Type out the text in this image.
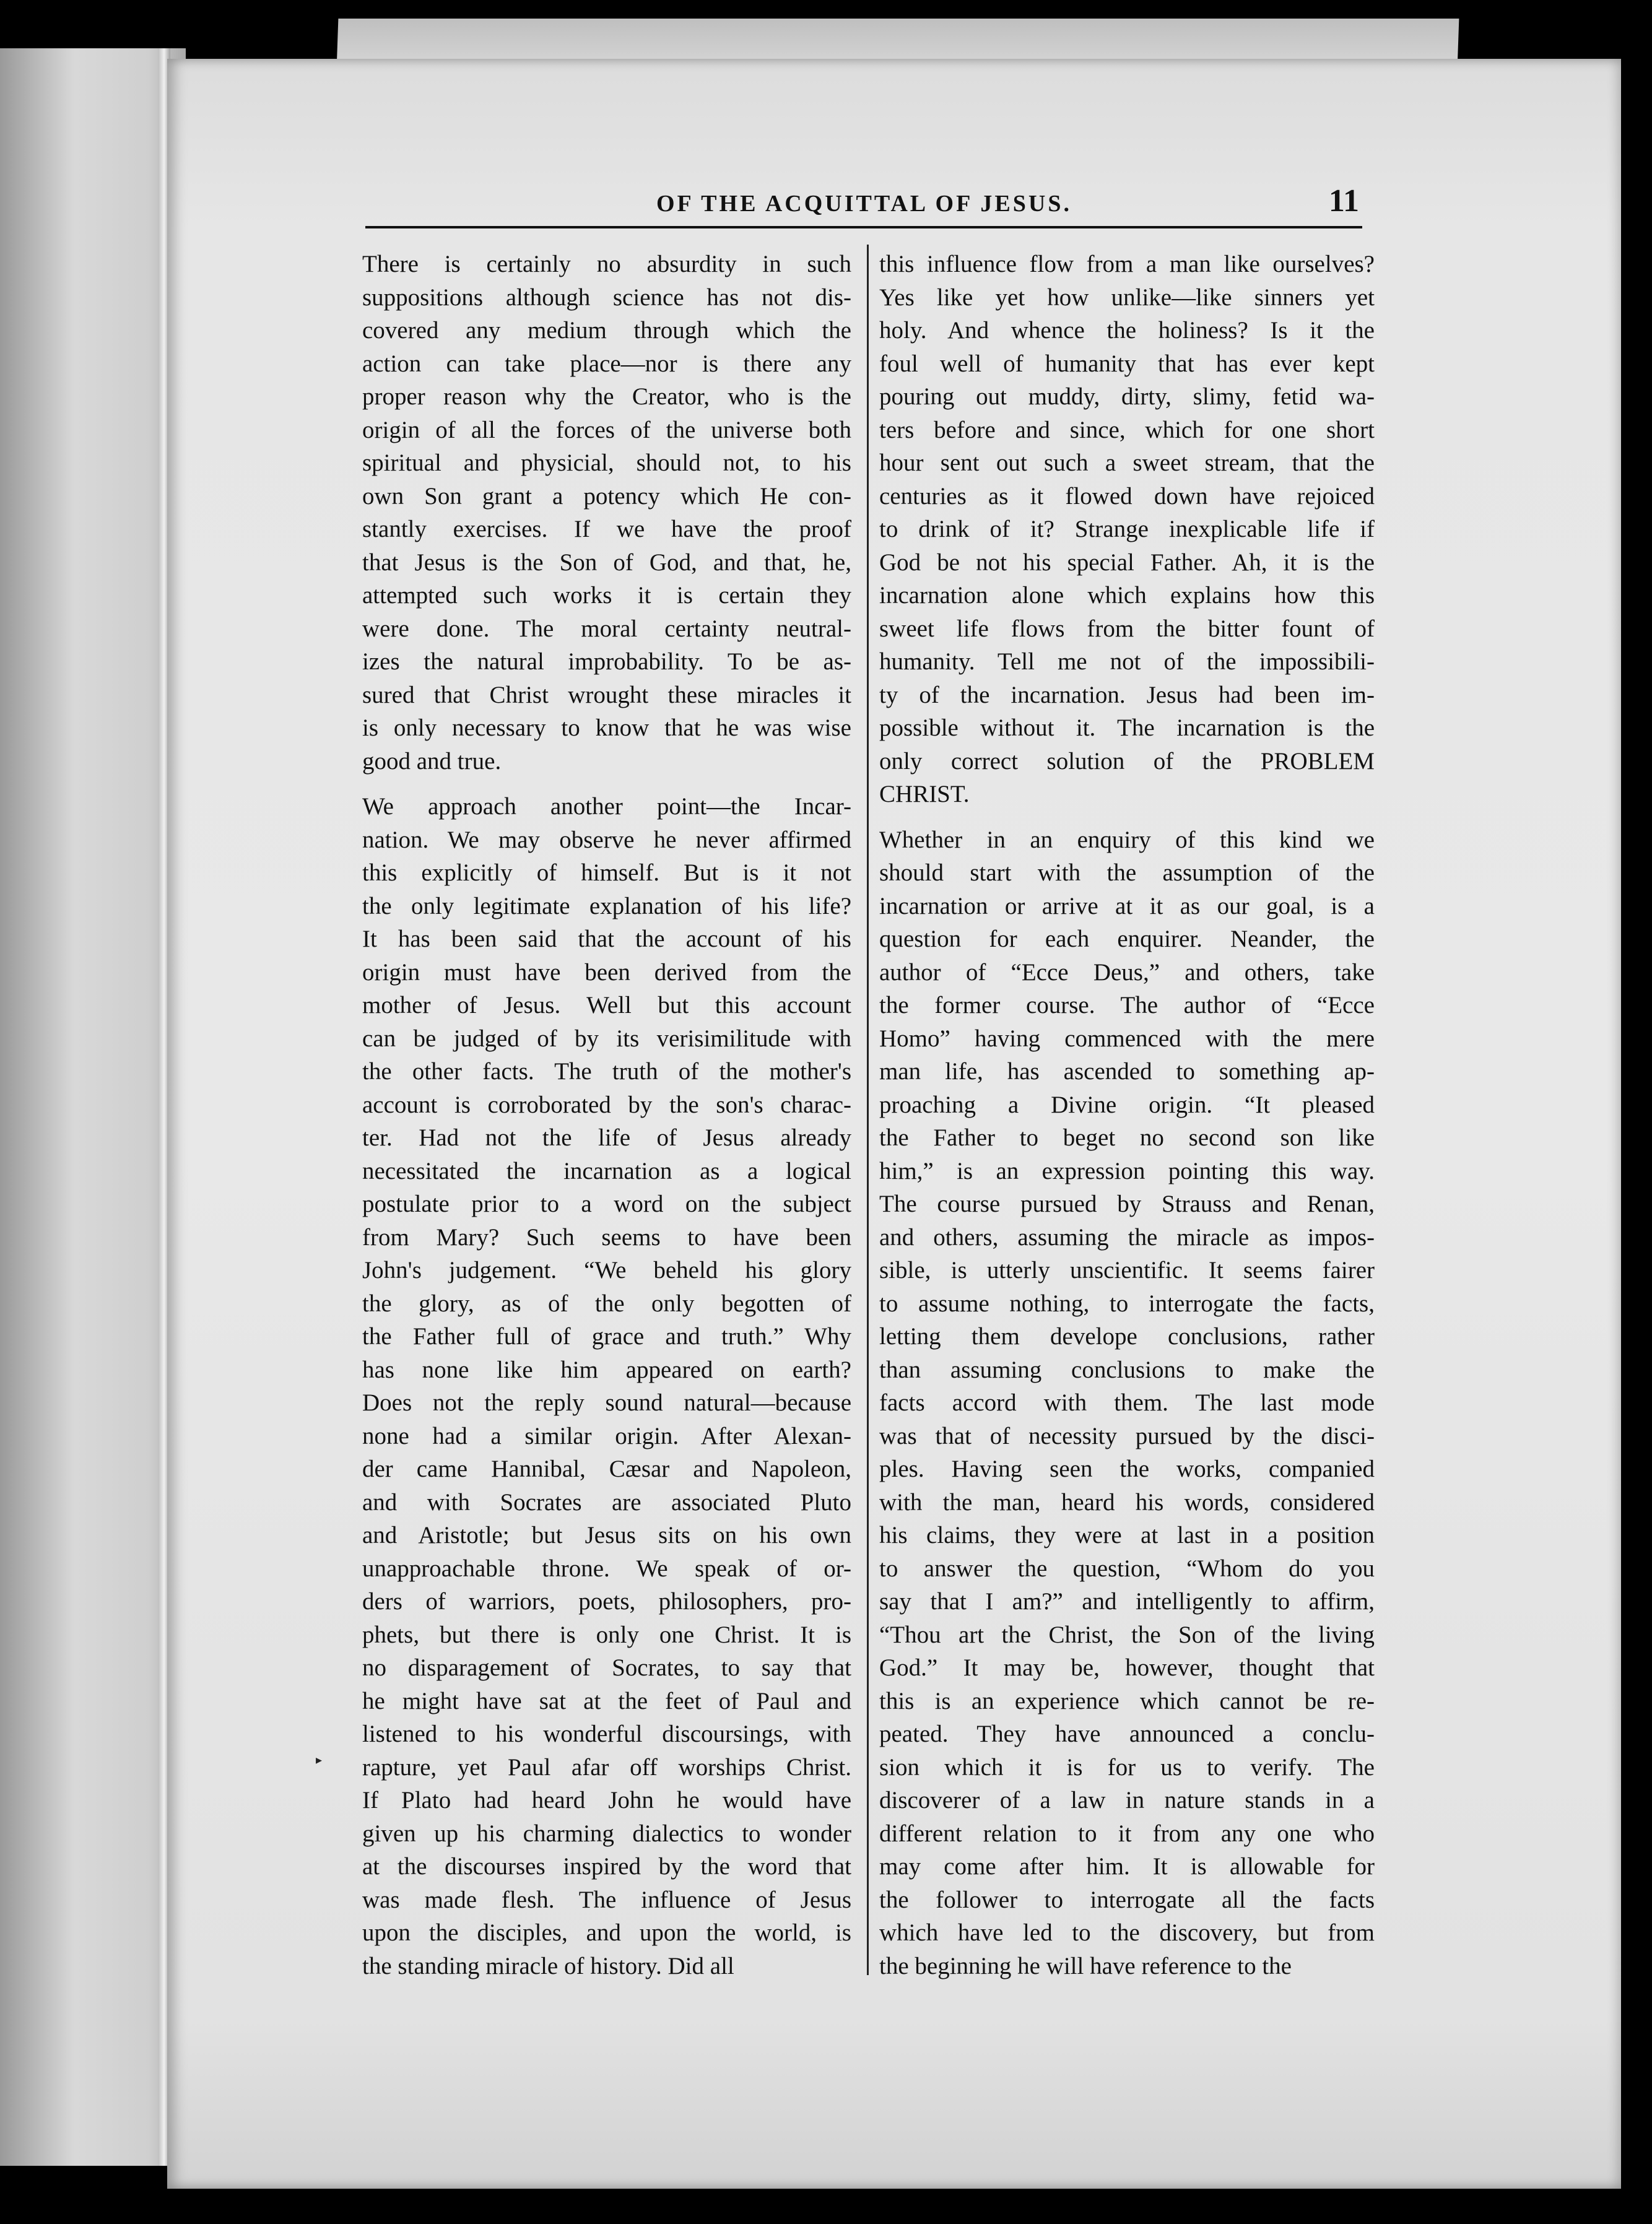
OF THE ACQUITTAL OF JESUS.	11
There is certainly no absurdity in such
suppositions although science has not dis-
covered any medium through which the
action can take place—nor is there any
proper reason why the Creator, who is the
origin of all the forces of the universe both
spiritual and physicial, should not, to his
own Son grant a potency which He con-
stantly exercises. If we have the proof
that Jesus is the Son of God, and that, he,
attempted such works it is certain they
were done. The moral certainty neutral-
izes the natural improbability. To be as-
sured that Christ wrought these miracles it
is only necessary to know that he was wise
good and true.
We approach another point—the Incar-
nation. We may observe he never affirmed
this explicitly of himself. But is it not
the only legitimate explanation of his life?
It has been said that the account of his
origin must have been derived from the
mother of Jesus. Well but this account
can be judged of by its verisimilitude with
the other facts. The truth of the mother's
account is corroborated by the son's charac-
ter. Had not the life of Jesus already
necessitated the incarnation as a logical
postulate prior to a word on the subject
from Mary? Such seems to have been
John's judgement. “We beheld his glory
the glory, as of the only begotten of
the Father full of grace and truth.” Why
has none like him appeared on earth?
Does not the reply sound natural—because
none had a similar origin. After Alexan-
der came Hannibal, Cæsar and Napoleon,
and with Socrates are associated Pluto
and Aristotle; but Jesus sits on his own
unapproachable throne. We speak of or-
ders of warriors, poets, philosophers, pro-
phets, but there is only one Christ. It is
no disparagement of Socrates, to say that
he might have sat at the feet of Paul and
listened to his wonderful discoursings, with
rapture, yet Paul afar off worships Christ.
If Plato had heard John he would have
given up his charming dialectics to wonder
at the discourses inspired by the word that
was made flesh. The influence of Jesus
upon the disciples, and upon the world, is
the standing miracle of history. Did all
this influence flow from a man like ourselves?
Yes like yet how unlike—like sinners yet
holy. And whence the holiness? Is it the
foul well of humanity that has ever kept
pouring out muddy, dirty, slimy, fetid wa-
ters before and since, which for one short
hour sent out such a sweet stream, that the
centuries as it flowed down have rejoiced
to drink of it? Strange inexplicable life if
God be not his special Father. Ah, it is the
incarnation alone which explains how this
sweet life flows from the bitter fount of
humanity. Tell me not of the impossibili-
ty of the incarnation. Jesus had been im-
possible without it. The incarnation is the
only correct solution of the PROBLEM
CHRIST.
Whether in an enquiry of this kind we
should start with the assumption of the
incarnation or arrive at it as our goal, is a
question for each enquirer. Neander, the
author of “Ecce Deus,” and others, take
the former course. The author of “Ecce
Homo” having commenced with the mere
man life, has ascended to something ap-
proaching a Divine origin. “It pleased
the Father to beget no second son like
him,” is an expression pointing this way.
The course pursued by Strauss and Renan,
and others, assuming the miracle as impos-
sible, is utterly unscientific. It seems fairer
to assume nothing, to interrogate the facts,
letting them develope conclusions, rather
than assuming conclusions to make the
facts accord with them. The last mode
was that of necessity pursued by the disci-
ples. Having seen the works, companied
with the man, heard his words, considered
his claims, they were at last in a position
to answer the question, “Whom do you
say that I am?” and intelligently to affirm,
“Thou art the Christ, the Son of the living
God.” It may be, however, thought that
this is an experience which cannot be re-
peated. They have announced a conclu-
sion which it is for us to verify. The
discoverer of a law in nature stands in a
different relation to it from any one who
may come after him. It is allowable for
the follower to interrogate all the facts
which have led to the discovery, but from
the beginning he will have reference to the
▸
